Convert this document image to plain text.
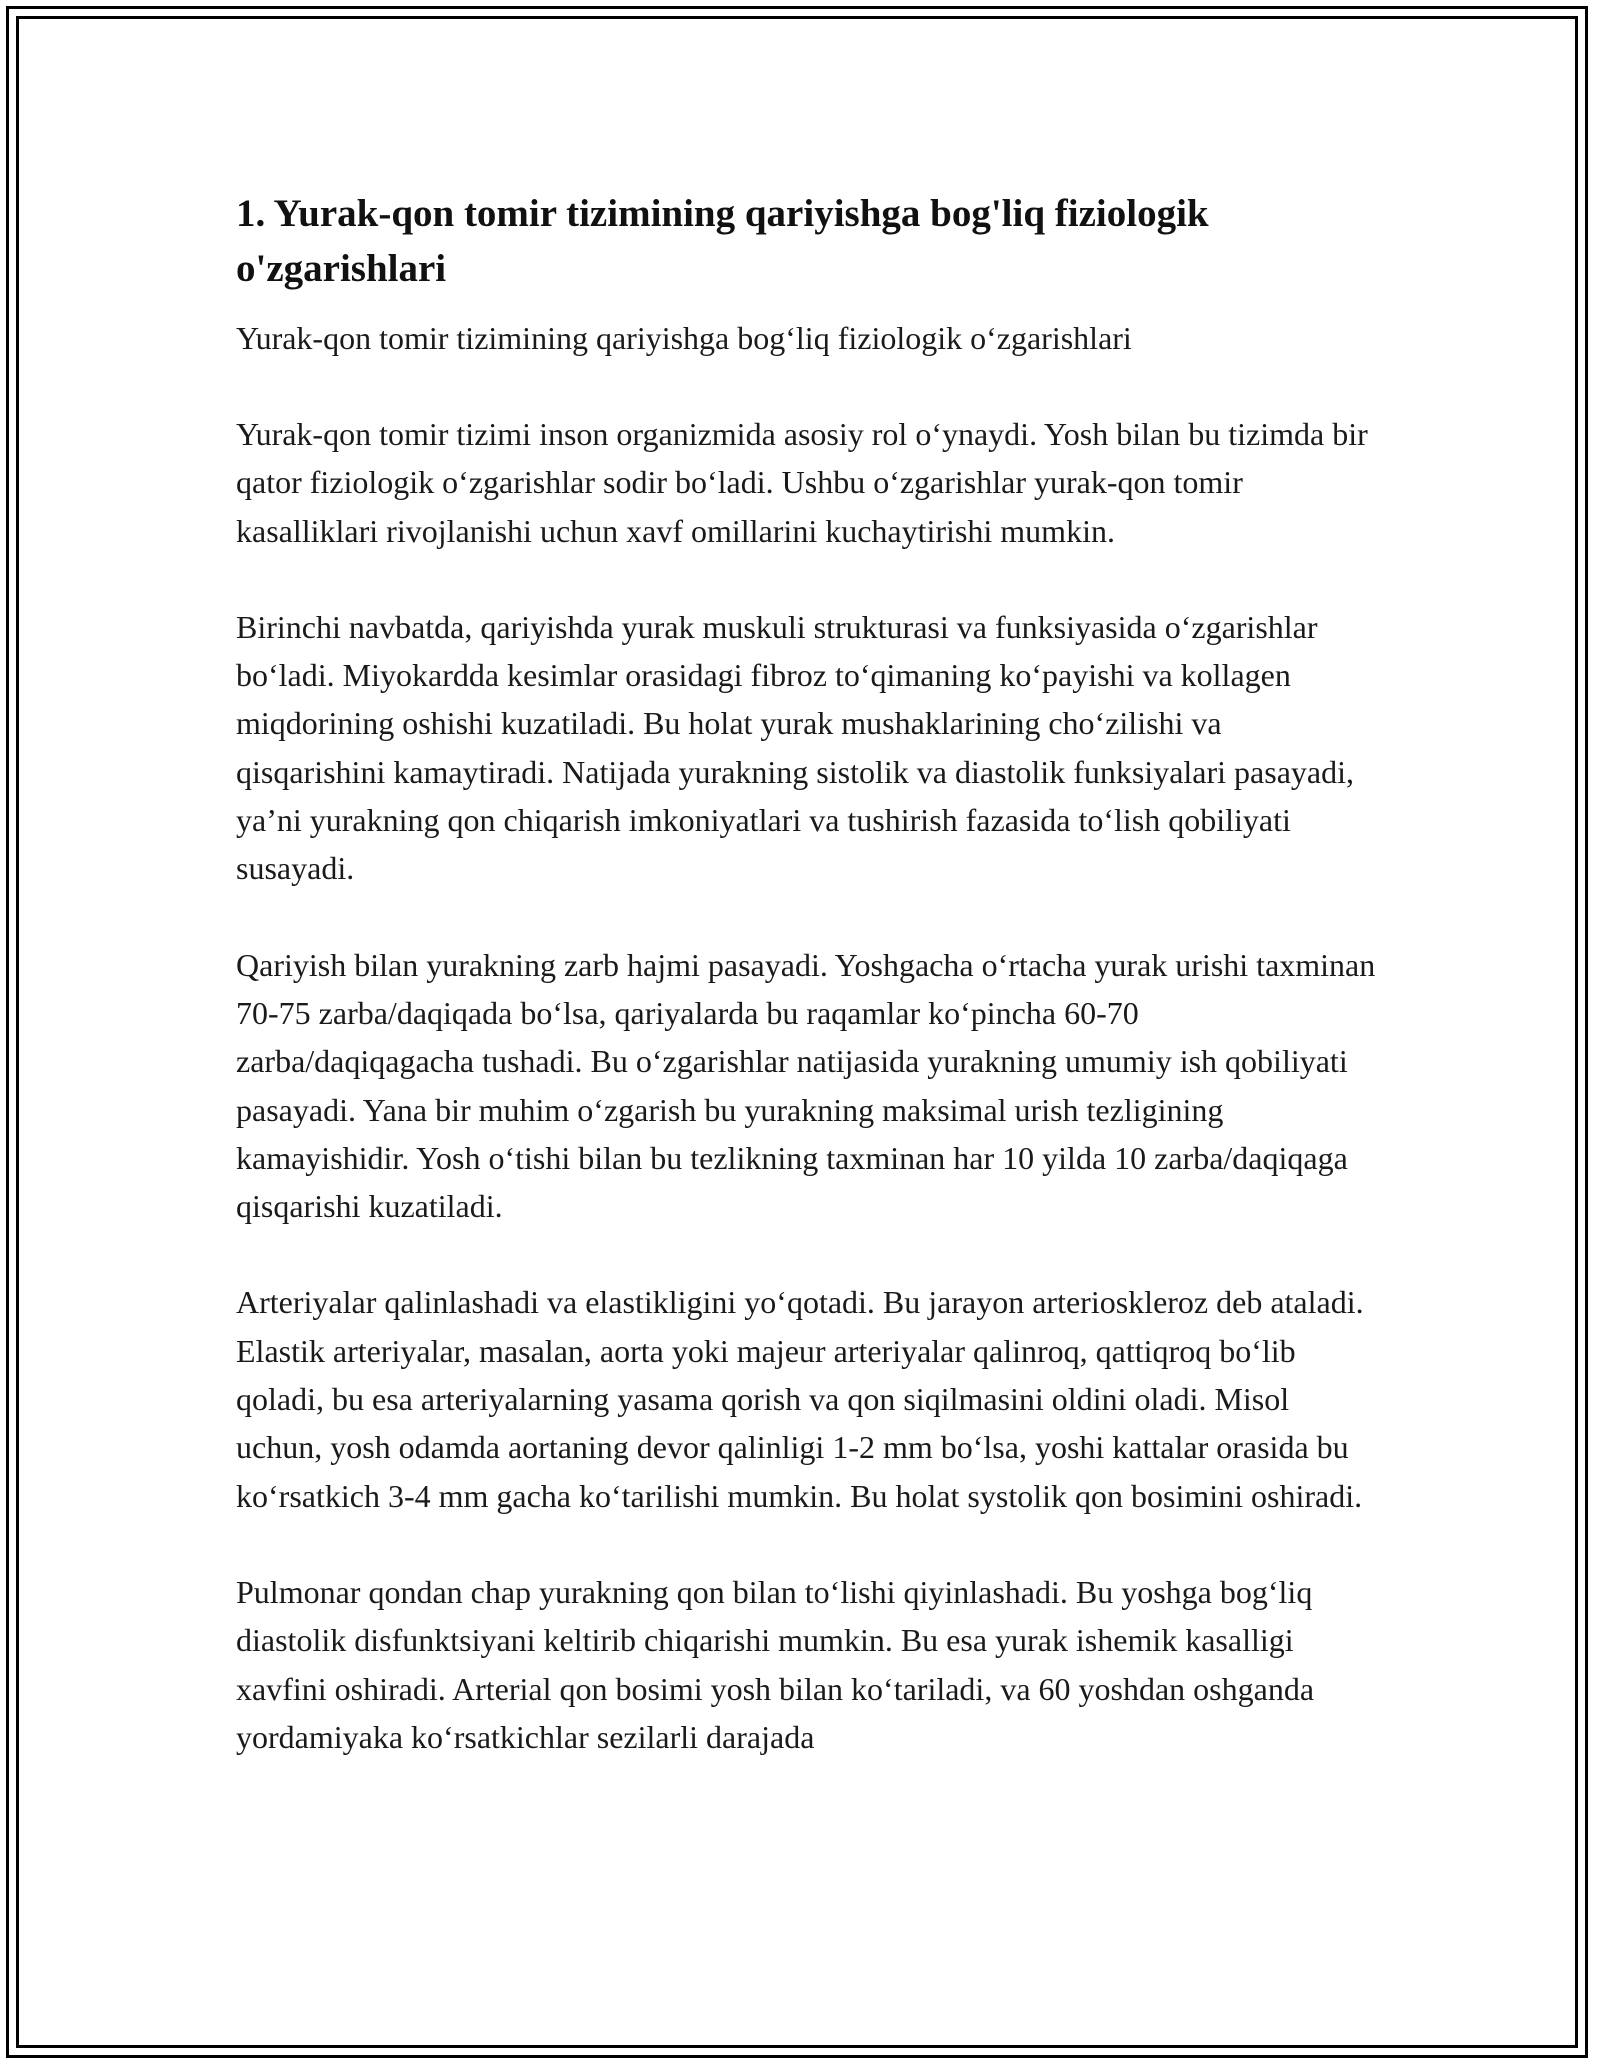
1. Yurak-qon tomir tizimining qariyishga bog'liq fiziologik o'zgarishlari

Yurak-qon tomir tizimining qariyishga bog‘liq fiziologik o‘zgarishlari

Yurak-qon tomir tizimi inson organizmida asosiy rol o‘ynaydi. Yosh bilan bu tizimda bir qator fiziologik o‘zgarishlar sodir bo‘ladi. Ushbu o‘zgarishlar yurak-qon tomir kasalliklari rivojlanishi uchun xavf omillarini kuchaytirishi mumkin.

Birinchi navbatda, qariyishda yurak muskuli strukturasi va funksiyasida o‘zgarishlar bo‘ladi. Miyokardda kesimlar orasidagi fibroz to‘qimaning ko‘payishi va kollagen miqdorining oshishi kuzatiladi. Bu holat yurak mushaklarining cho‘zilishi va qisqarishini kamaytiradi. Natijada yurakning sistolik va diastolik funksiyalari pasayadi, ya’ni yurakning qon chiqarish imkoniyatlari va tushirish fazasida to‘lish qobiliyati susayadi.

Qariyish bilan yurakning zarb hajmi pasayadi. Yoshgacha o‘rtacha yurak urishi taxminan 70-75 zarba/daqiqada bo‘lsa, qariyalarda bu raqamlar ko‘pincha 60-70 zarba/daqiqagacha tushadi. Bu o‘zgarishlar natijasida yurakning umumiy ish qobiliyati pasayadi. Yana bir muhim o‘zgarish bu yurakning maksimal urish tezligining kamayishidir. Yosh o‘tishi bilan bu tezlikning taxminan har 10 yilda 10 zarba/daqiqaga qisqarishi kuzatiladi.

Arteriyalar qalinlashadi va elastikligini yo‘qotadi. Bu jarayon arterioskleroz deb ataladi. Elastik arteriyalar, masalan, aorta yoki majeur arteriyalar qalinroq, qattiqroq bo‘lib qoladi, bu esa arteriyalarning yasama qorish va qon siqilmasini oldini oladi. Misol uchun, yosh odamda aortaning devor qalinligi 1-2 mm bo‘lsa, yoshi kattalar orasida bu ko‘rsatkich 3-4 mm gacha ko‘tarilishi mumkin. Bu holat systolik qon bosimini oshiradi.

Pulmonar qondan chap yurakning qon bilan to‘lishi qiyinlashadi. Bu yoshga bog‘liq diastolik disfunktsiyani keltirib chiqarishi mumkin. Bu esa yurak ishemik kasalligi xavfini oshiradi. Arterial qon bosimi yosh bilan ko‘tariladi, va 60 yoshdan oshganda yordamiyaka ko‘rsatkichlar sezilarli darajada
